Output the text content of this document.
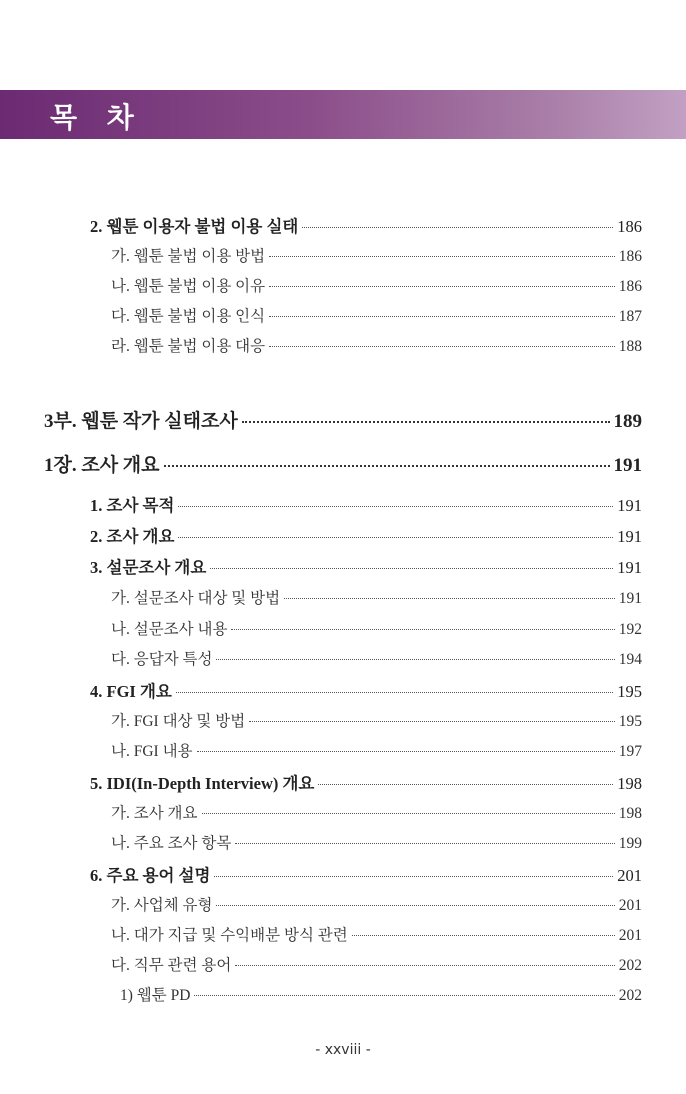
목 차
2. 웹툰 이용자 불법 이용 실태	186
가. 웹툰 불법 이용 방법	186
나. 웹툰 불법 이용 이유	186
다. 웹툰 불법 이용 인식	187
라. 웹툰 불법 이용 대응	188
3부. 웹툰 작가 실태조사	189
1장. 조사 개요	191
1. 조사 목적	191
2. 조사 개요	191
3. 설문조사 개요	191
가. 설문조사 대상 및 방법	191
나. 설문조사 내용	192
다. 응답자 특성	194
4. FGI 개요	195
가. FGI 대상 및 방법	195
나. FGI 내용	197
5. IDI(In-Depth Interview) 개요	198
가. 조사 개요	198
나. 주요 조사 항목	199
6. 주요 용어 설명	201
가. 사업체 유형	201
나. 대가 지급 및 수익배분 방식 관련	201
다. 직무 관련 용어	202
1) 웹툰 PD	202
- xxviii -
